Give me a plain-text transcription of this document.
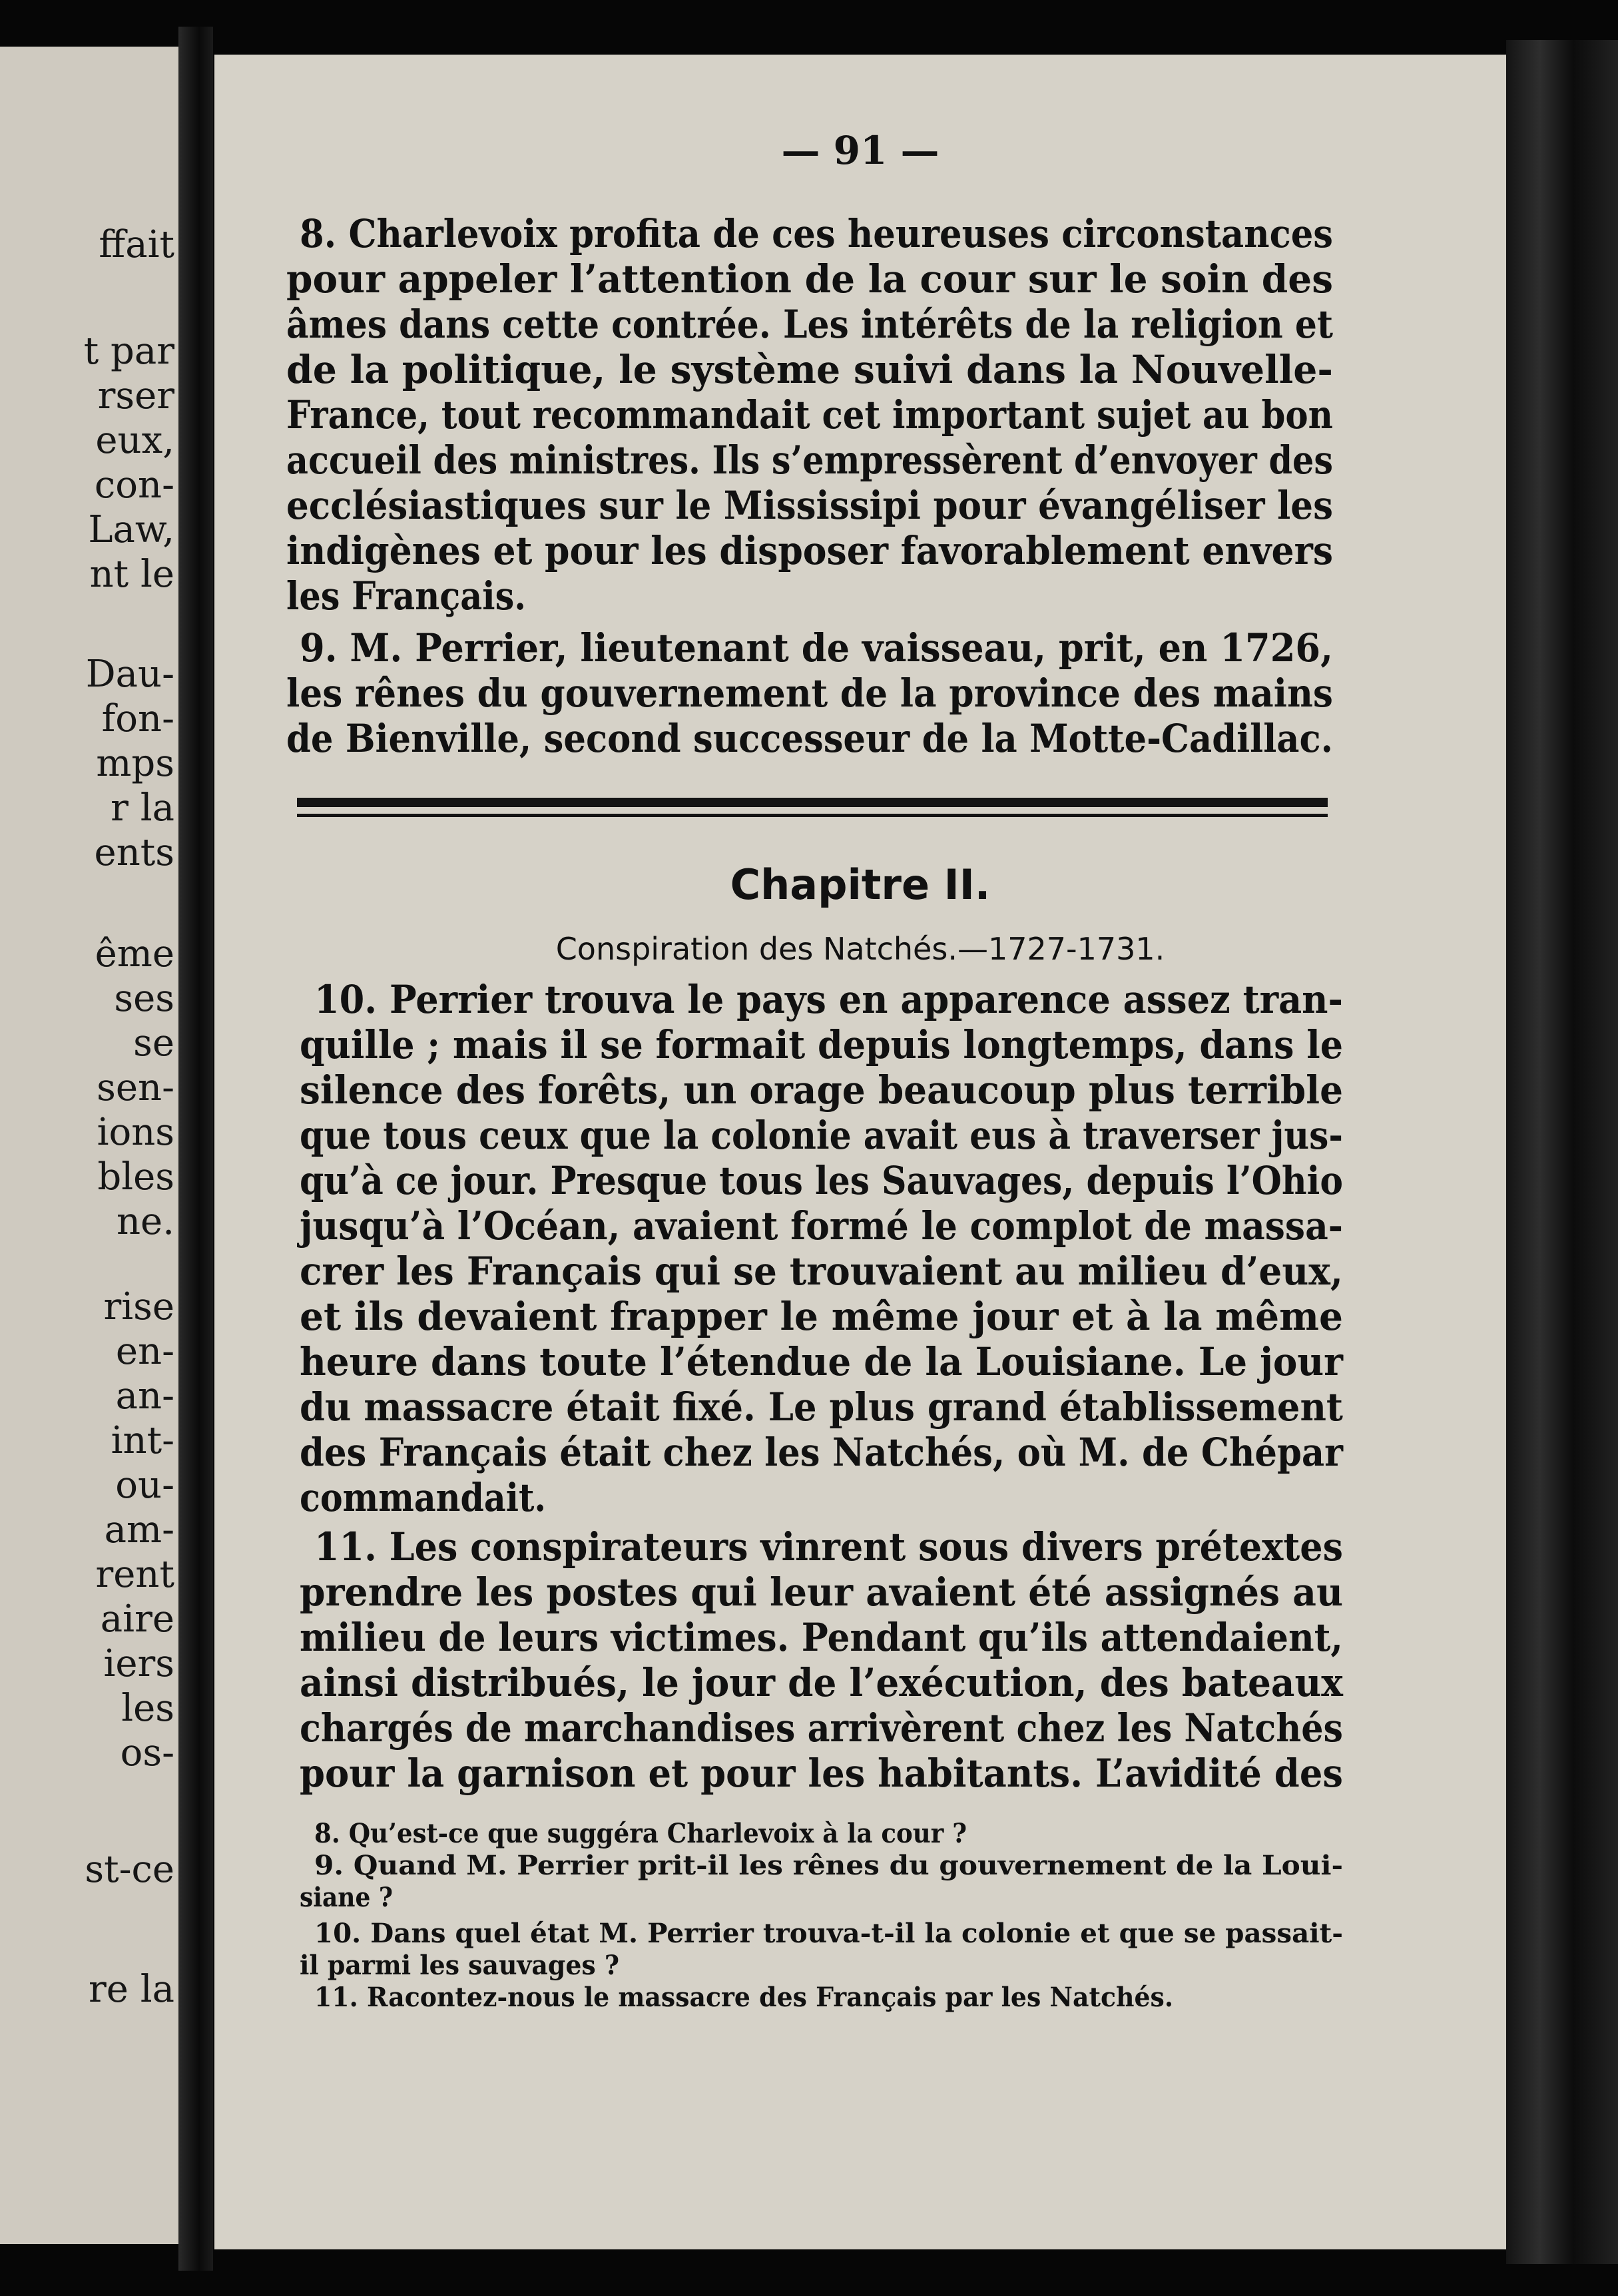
ffait
t par
rser
eux,
con-
Law,
nt le
Dau-
fon-
mps
r la
ents
ême
ses
se
sen-
ions
bles
ne.
rise
en-
an-
int-
ou-
am-
rent
aire
iers
les
os-
st-ce
re la
— 91 —
8. Charlevoix profita de ces heureuses circonstances
pour appeler l’attention de la cour sur le soin des
âmes dans cette contrée. Les intérêts de la religion et
de la politique, le système suivi dans la Nouvelle-
France, tout recommandait cet important sujet au bon
accueil des ministres. Ils s’empressèrent d’envoyer des
ecclésiastiques sur le Mississipi pour évangéliser les
indigènes et pour les disposer favorablement envers
les Français.
9. M. Perrier, lieutenant de vaisseau, prit, en 1726,
les rênes du gouvernement de la province des mains
de Bienville, second successeur de la Motte-Cadillac.
Chapitre II.
Conspiration des Natchés.—1727-1731.
10. Perrier trouva le pays en apparence assez tran-
quille ; mais il se formait depuis longtemps, dans le
silence des forêts, un orage beaucoup plus terrible
que tous ceux que la colonie avait eus à traverser jus-
qu’à ce jour. Presque tous les Sauvages, depuis l’Ohio
jusqu’à l’Océan, avaient formé le complot de massa-
crer les Français qui se trouvaient au milieu d’eux,
et ils devaient frapper le même jour et à la même
heure dans toute l’étendue de la Louisiane. Le jour
du massacre était fixé. Le plus grand établissement
des Français était chez les Natchés, où M. de Chépar
commandait.
11. Les conspirateurs vinrent sous divers prétextes
prendre les postes qui leur avaient été assignés au
milieu de leurs victimes. Pendant qu’ils attendaient,
ainsi distribués, le jour de l’exécution, des bateaux
chargés de marchandises arrivèrent chez les Natchés
pour la garnison et pour les habitants. L’avidité des
8. Qu’est-ce que suggéra Charlevoix à la cour ?
9. Quand M. Perrier prit-il les rênes du gouvernement de la Loui-
siane ?
10. Dans quel état M. Perrier trouva-t-il la colonie et que se passait-
il parmi les sauvages ?
11. Racontez-nous le massacre des Français par les Natchés.
